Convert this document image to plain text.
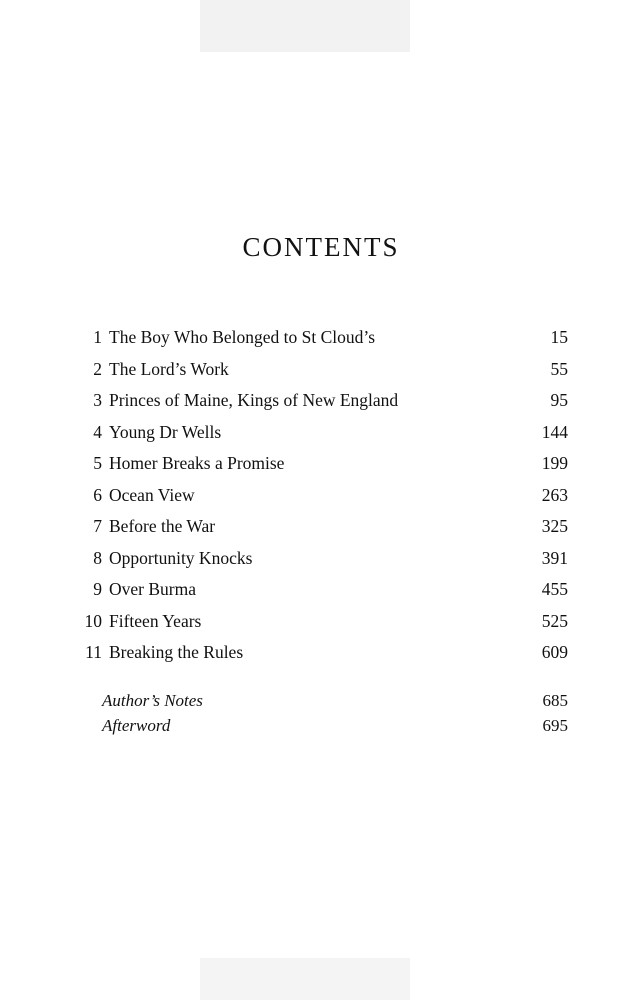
CONTENTS
1 The Boy Who Belonged to St Cloud’s	15
2 The Lord’s Work	55
3 Princes of Maine, Kings of New England	95
4 Young Dr Wells	144
5 Homer Breaks a Promise	199
6 Ocean View	263
7 Before the War	325
8 Opportunity Knocks	391
9 Over Burma	455
10 Fifteen Years	525
11 Breaking the Rules	609
Author’s Notes	685
Afterword	695
